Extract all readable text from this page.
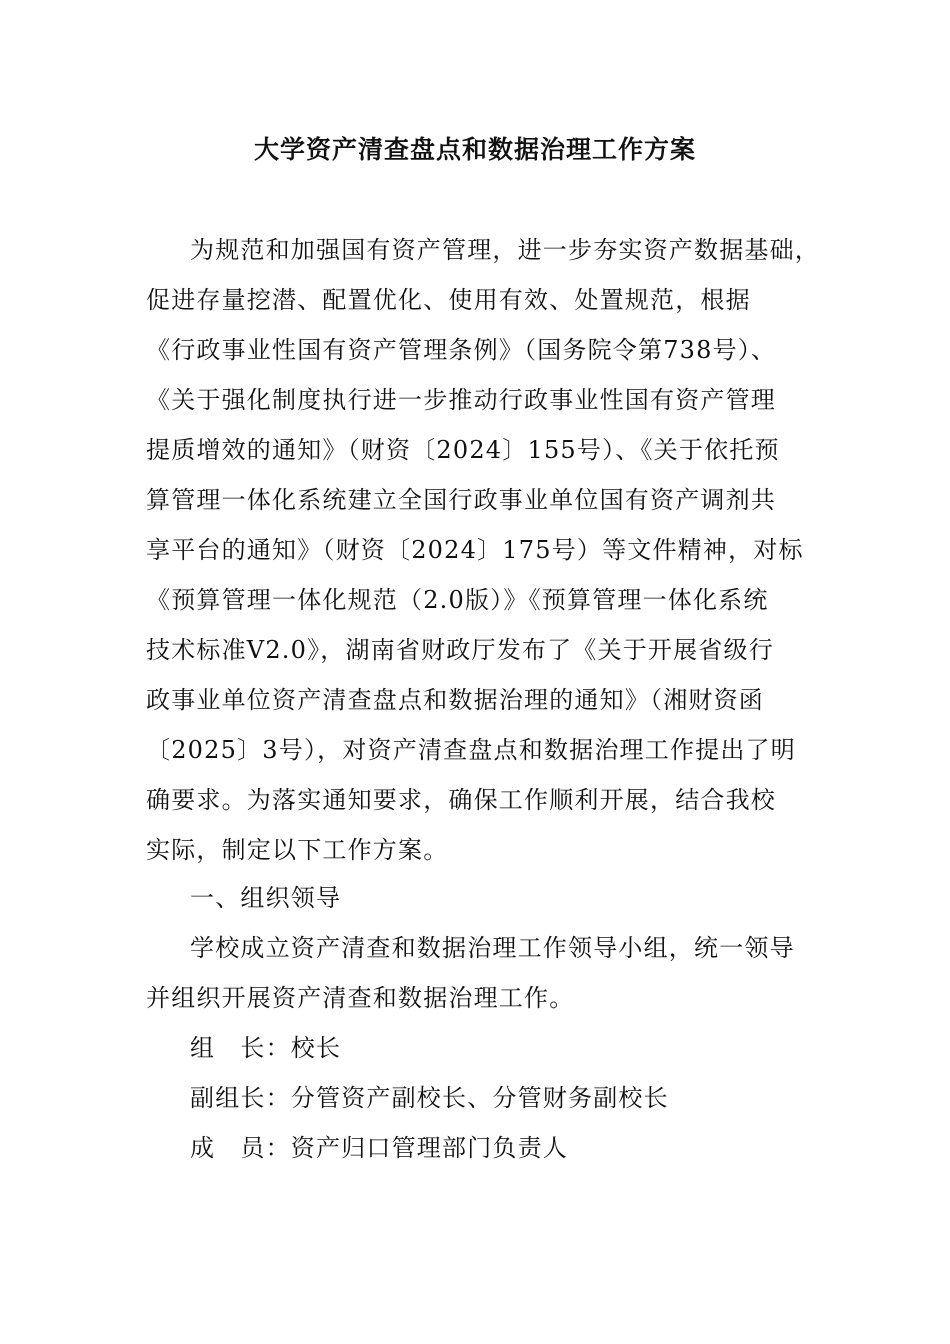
大学资产清查盘点和数据治理工作方案
为规范和加强国有资产管理，进一步夯实资产数据基础，
促进存量挖潜、配置优化、使用有效、处置规范，根据
《行政事业性国有资产管理条例》（国务院令第738号）、
《关于强化制度执行进一步推动行政事业性国有资产管理
提质增效的通知》（财资〔2024〕155号）、《关于依托预
算管理一体化系统建立全国行政事业单位国有资产调剂共
享平台的通知》（财资〔2024〕175号）等文件精神，对标
《预算管理一体化规范（2.0版）》《预算管理一体化系统
技术标准V2.0》，湖南省财政厅发布了《关于开展省级行
政事业单位资产清查盘点和数据治理的通知》（湘财资函
〔2025〕3号），对资产清查盘点和数据治理工作提出了明
确要求。为落实通知要求，确保工作顺利开展，结合我校
实际，制定以下工作方案。
一、组织领导
学校成立资产清查和数据治理工作领导小组，统一领导
并组织开展资产清查和数据治理工作。
组　长：校长
副组长：分管资产副校长、分管财务副校长
成　员：资产归口管理部门负责人
